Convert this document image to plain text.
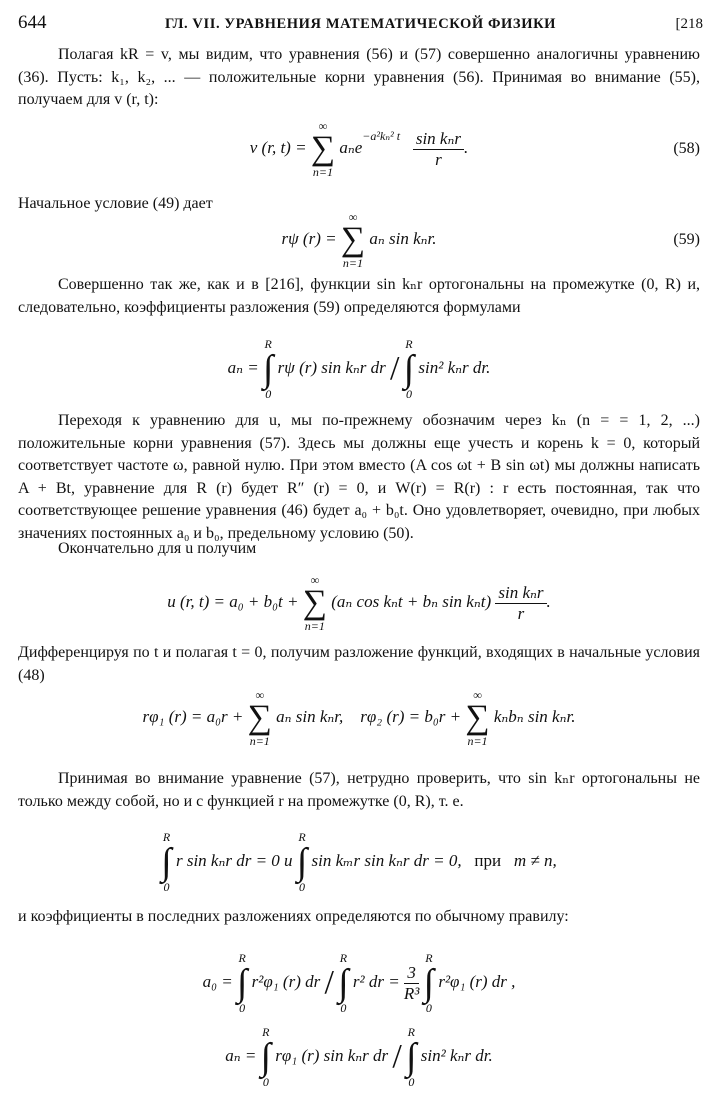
644	ГЛ. VII. УРАВНЕНИЯ МАТЕМАТИЧЕСКОЙ ФИЗИКИ	[218

Полагая kR = v, мы видим, что уравнения (56) и (57) совершенно аналогичны уравнению (36). Пусть: k₁, k₂, ... — положительные корни уравнения (56). Принимая во внимание (55), получаем для v (r, t):

v (r, t) =
∞
∑
n=1
$a_ne^{-a^2k_n^2 t} \frac{\text{sin kₙr}}{r}$ .	(58)

Начальное условие (49) дает

rψ (r) =
∞
∑
n=1
aₙ sin kₙr.	(59)

Совершенно так же, как и в [216], функции sin kₙr ортогональны на промежутке (0, R) и, следовательно, коэффициенты разложения (59) определяются формулами

aₙ =
R
∫
0
rψ (r) sin kₙr dr /
R
∫
0
sin² kₙr dr.

Переходя к уравнению для u, мы по-прежнему обозначим через kₙ (n = = 1, 2, ...) положительные корни уравнения (57). Здесь мы должны еще учесть и корень k = 0, который соответствует частоте ω, равной нулю. При этом вместо (A cos ωt + B sin ωt) мы должны написать A + Bt, уравнение для R (r) будет R″ (r) = 0, и W(r) = R(r) : r есть постоянная, так что соответствующее решение уравнения (46) будет a₀ + b₀t. Оно удовлетворяет, очевидно, при любых значениях постоянных a₀ и b₀, предельному условию (50).

Окончательно для u получим

u (r, t) = a₀ + b₀t +
∞
∑
n=1
(aₙ cos kₙt + bₙ $\sin k_nt) \frac{\text{sin kₙr}}{r}$ .

Дифференцируя по t и полагая t = 0, получим разложение функций, входящих в начальные условия (48)

rφ₁ (r) = a₀r +
∞
∑
n=1
aₙ sin kₙr, rφ₂ (r) = b₀r +
∞
∑
n=1
kₙbₙ sin kₙr.

Принимая во внимание уравнение (57), нетрудно проверить, что sin kₙr ортогональны не только между собой, но и с функцией r на промежутке (0, R), т. е.

R
∫
0
r sin kₙr dr = 0 и
R
∫
0
sin kₘr sin kₙr dr = 0, при m ≠ n,

и коэффициенты в последних разложениях определяются по обычному правилу:

a₀ =
R
∫
0
r²φ₁ (r) dr /
R
∫
0
r² dr = $\frac{3}{\text{R³}}$

R
∫
0
r²φ₁ (r) dr ,
aₙ =
R
∫
0
rφ₁ (r) sin kₙr dr /
R
∫
0
sin² kₙr dr.
